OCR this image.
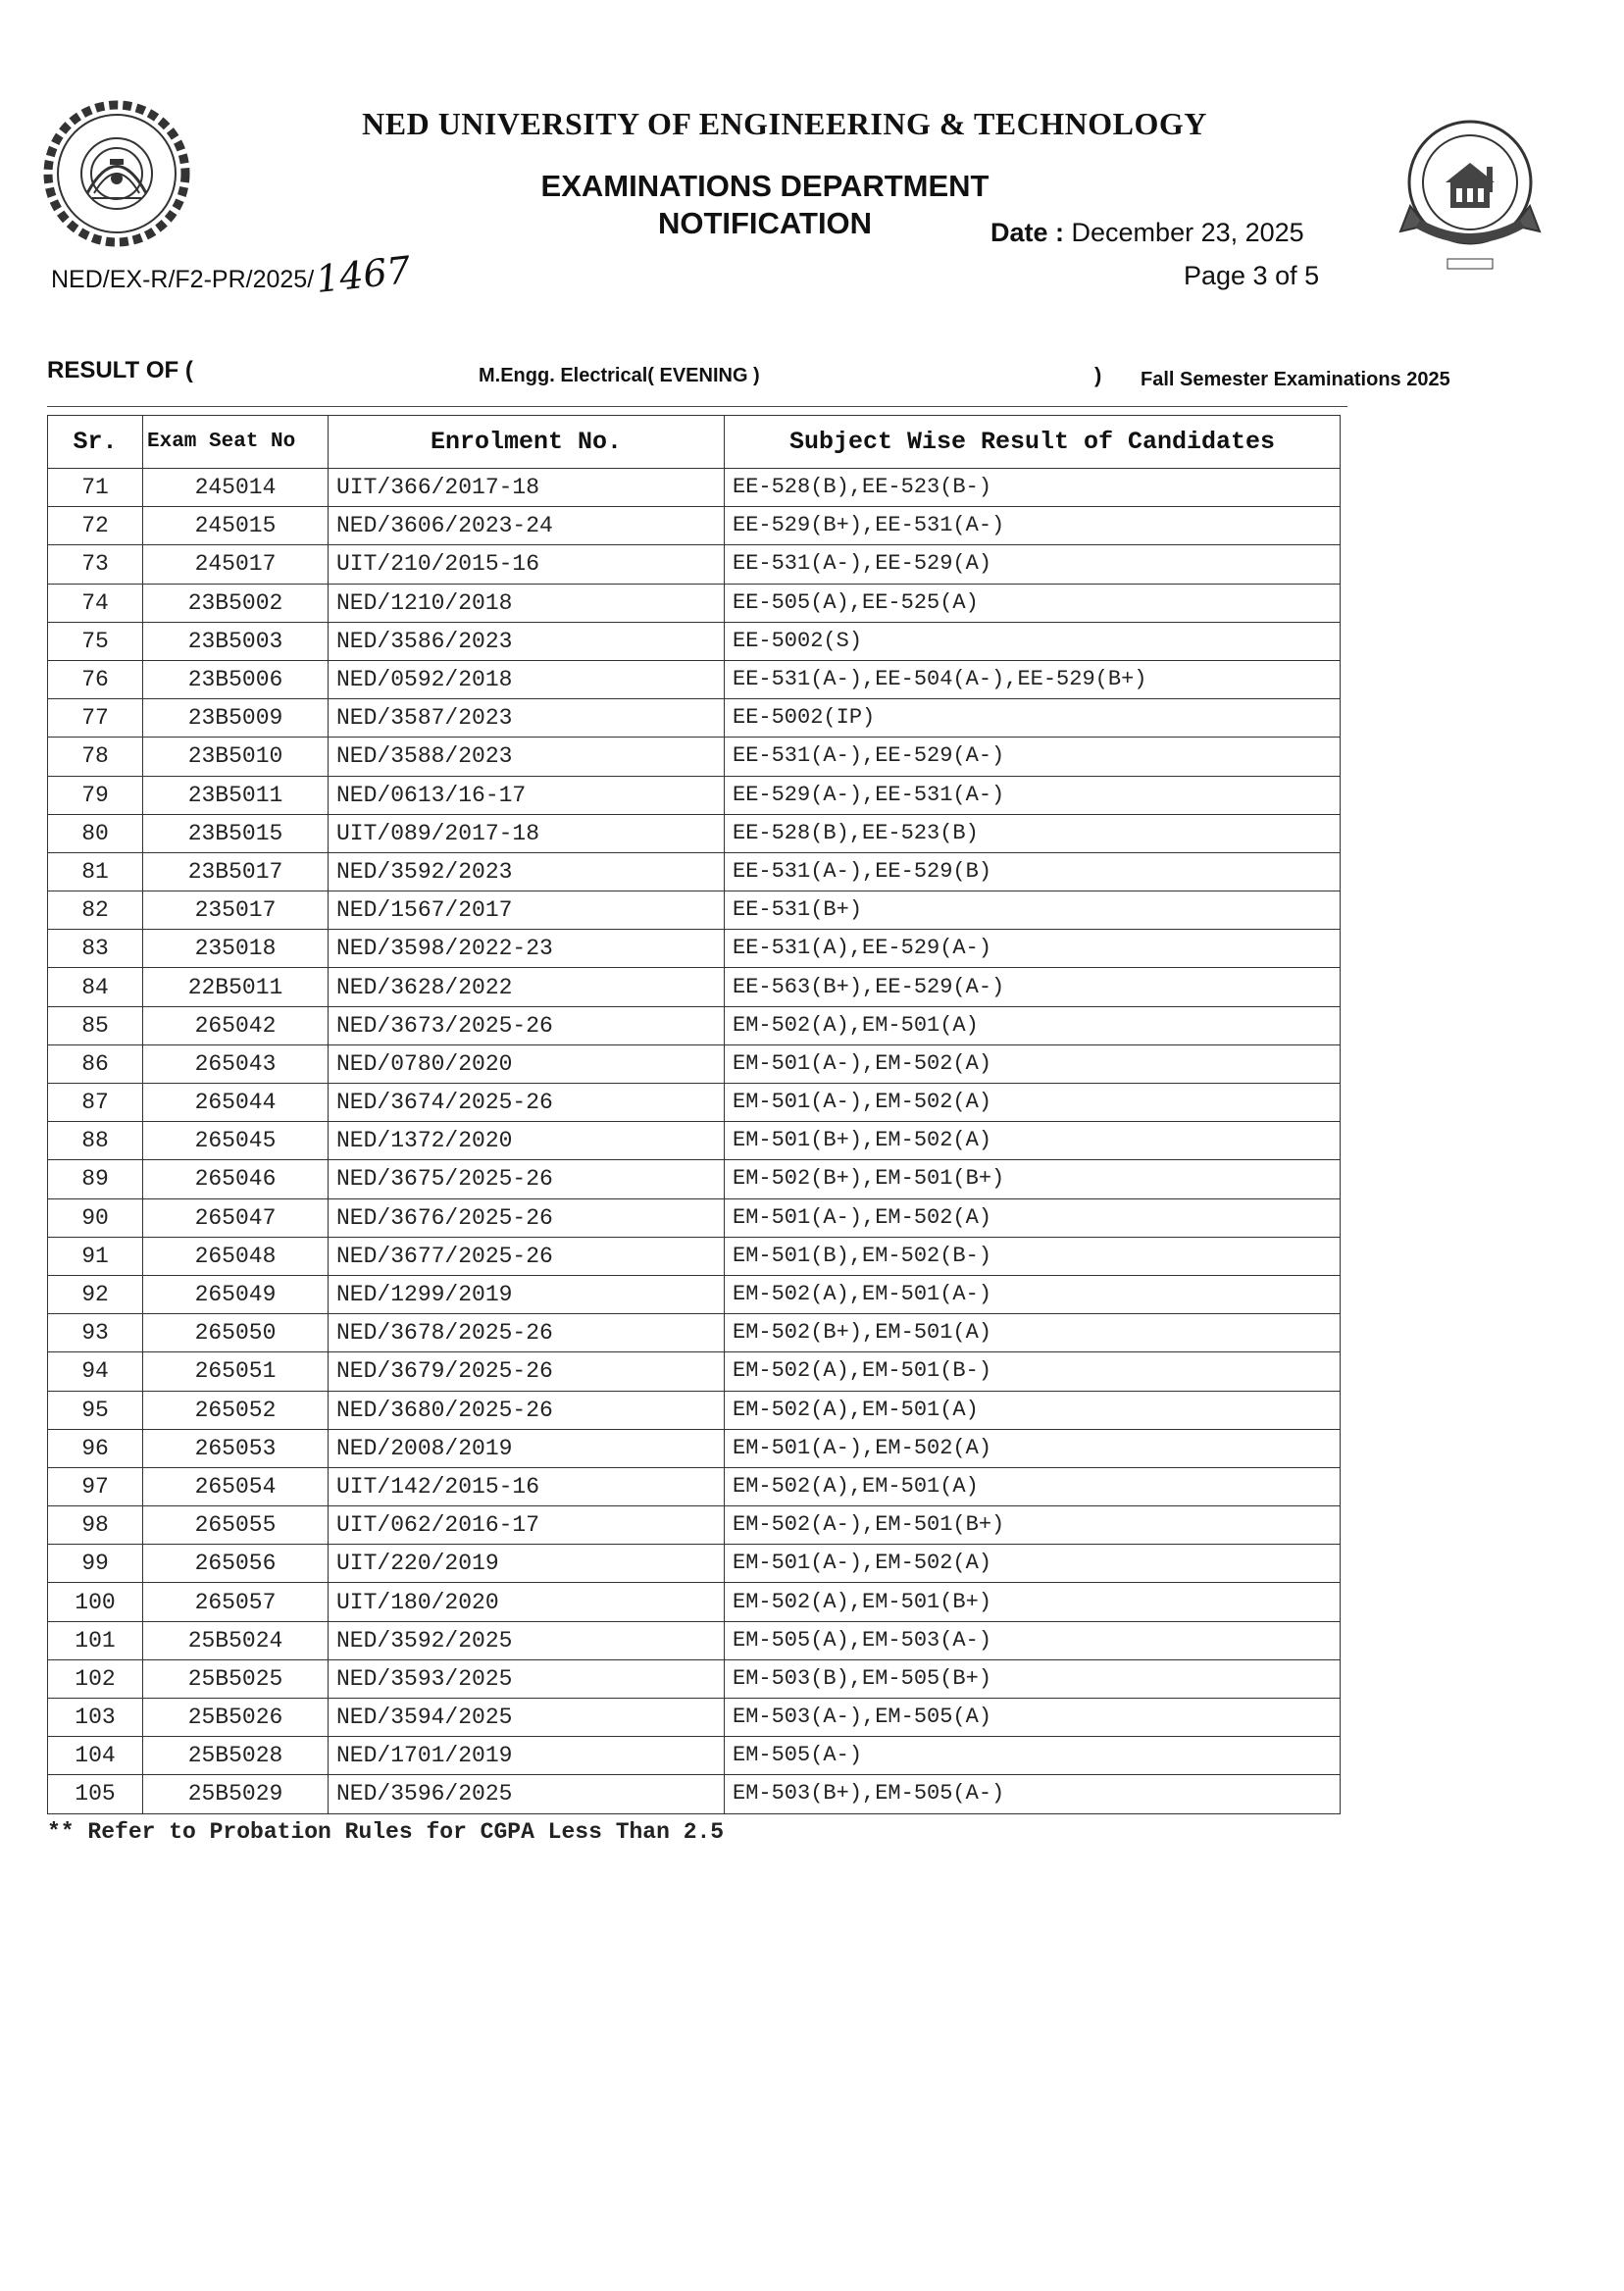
NED UNIVERSITY OF ENGINEERING & TECHNOLOGY
EXAMINATIONS DEPARTMENT
NOTIFICATION	Date : December 23, 2025
Page 3 of 5
NED/EX-R/F2-PR/2025/1467
RESULT OF (	M.Engg. Electrical( EVENING )	) Fall Semester Examinations 2025
Sr.	Exam Seat No	Enrolment No.	Subject Wise Result of Candidates
71	245014	UIT/366/2017-18	EE-528(B),EE-523(B-)
72	245015	NED/3606/2023-24	EE-529(B+),EE-531(A-)
73	245017	UIT/210/2015-16	EE-531(A-),EE-529(A)
74	23B5002	NED/1210/2018	EE-505(A),EE-525(A)
75	23B5003	NED/3586/2023	EE-5002(S)
76	23B5006	NED/0592/2018	EE-531(A-),EE-504(A-),EE-529(B+)
77	23B5009	NED/3587/2023	EE-5002(IP)
78	23B5010	NED/3588/2023	EE-531(A-),EE-529(A-)
79	23B5011	NED/0613/16-17	EE-529(A-),EE-531(A-)
80	23B5015	UIT/089/2017-18	EE-528(B),EE-523(B)
81	23B5017	NED/3592/2023	EE-531(A-),EE-529(B)
82	235017	NED/1567/2017	EE-531(B+)
83	235018	NED/3598/2022-23	EE-531(A),EE-529(A-)
84	22B5011	NED/3628/2022	EE-563(B+),EE-529(A-)
85	265042	NED/3673/2025-26	EM-502(A),EM-501(A)
86	265043	NED/0780/2020	EM-501(A-),EM-502(A)
87	265044	NED/3674/2025-26	EM-501(A-),EM-502(A)
88	265045	NED/1372/2020	EM-501(B+),EM-502(A)
89	265046	NED/3675/2025-26	EM-502(B+),EM-501(B+)
90	265047	NED/3676/2025-26	EM-501(A-),EM-502(A)
91	265048	NED/3677/2025-26	EM-501(B),EM-502(B-)
92	265049	NED/1299/2019	EM-502(A),EM-501(A-)
93	265050	NED/3678/2025-26	EM-502(B+),EM-501(A)
94	265051	NED/3679/2025-26	EM-502(A),EM-501(B-)
95	265052	NED/3680/2025-26	EM-502(A),EM-501(A)
96	265053	NED/2008/2019	EM-501(A-),EM-502(A)
97	265054	UIT/142/2015-16	EM-502(A),EM-501(A)
98	265055	UIT/062/2016-17	EM-502(A-),EM-501(B+)
99	265056	UIT/220/2019	EM-501(A-),EM-502(A)
100	265057	UIT/180/2020	EM-502(A),EM-501(B+)
101	25B5024	NED/3592/2025	EM-505(A),EM-503(A-)
102	25B5025	NED/3593/2025	EM-503(B),EM-505(B+)
103	25B5026	NED/3594/2025	EM-503(A-),EM-505(A)
104	25B5028	NED/1701/2019	EM-505(A-)
105	25B5029	NED/3596/2025	EM-503(B+),EM-505(A-)
** Refer to Probation Rules for CGPA Less Than 2.5
